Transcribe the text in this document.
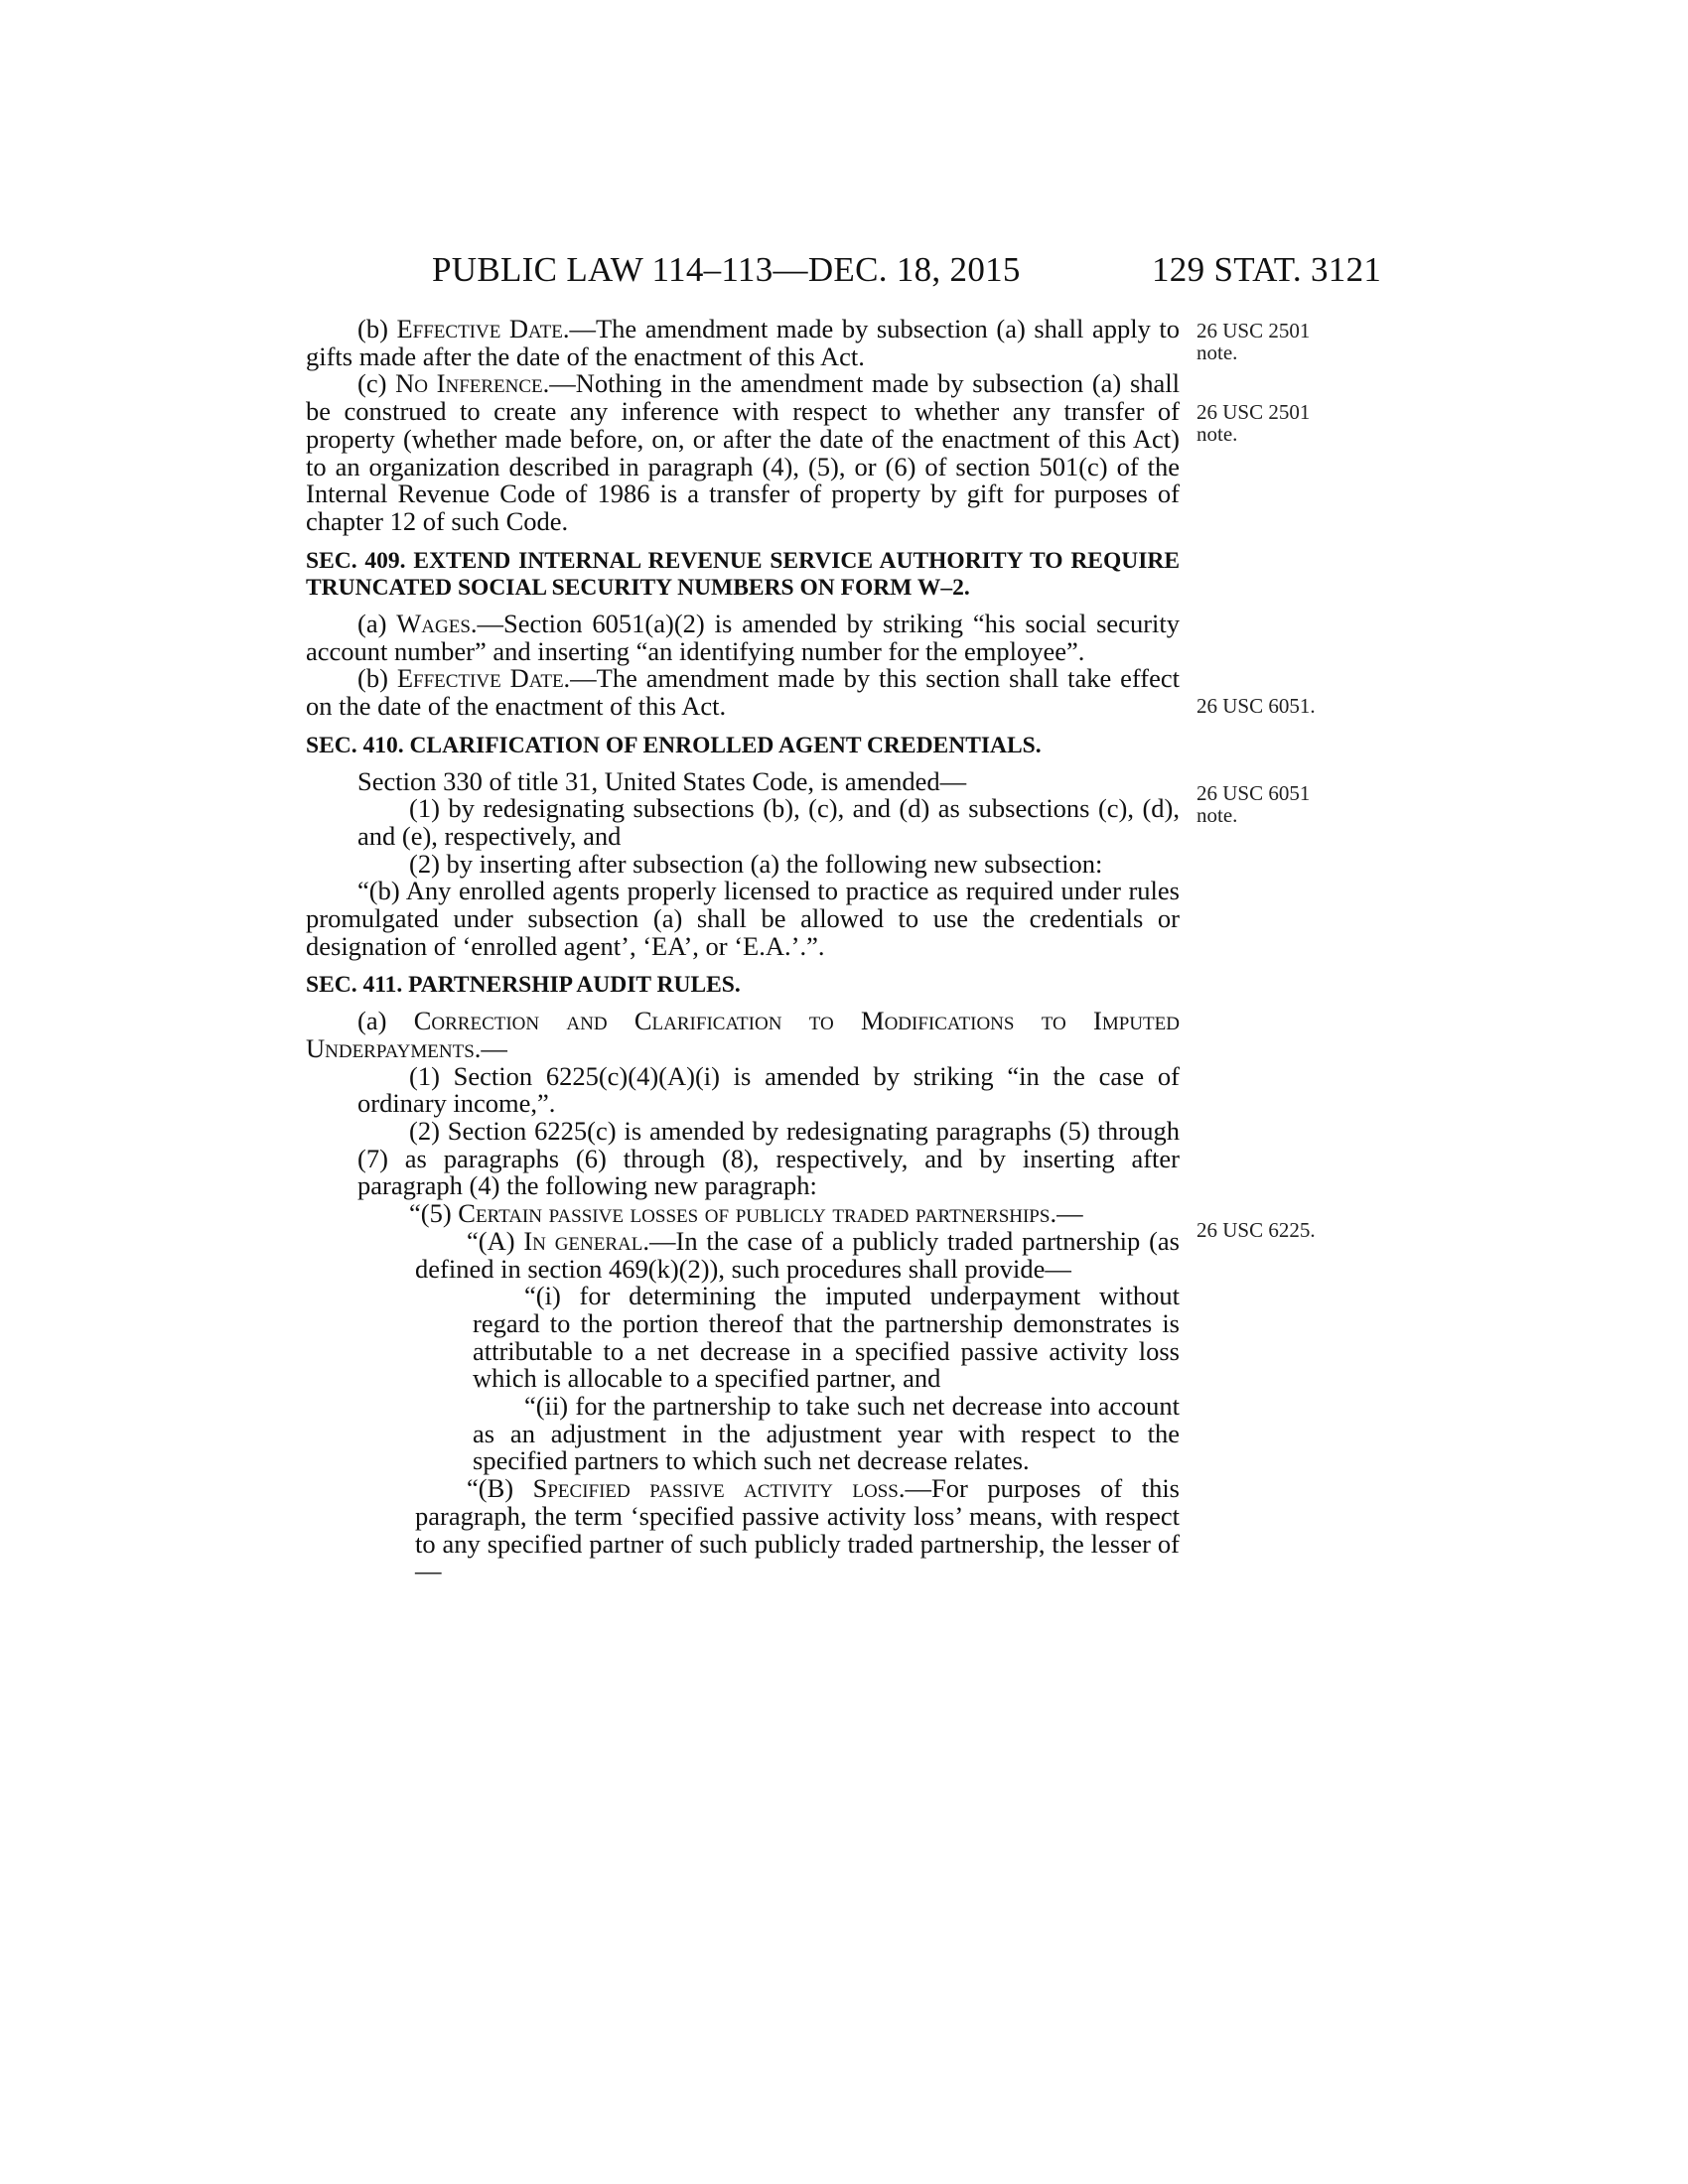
PUBLIC LAW 114–113—DEC. 18, 2015	129 STAT. 3121
26 USC 2501
note.
26 USC 2501
note.
26 USC 6051.
26 USC 6051
note.
26 USC 6225.

(b) Effective Date.—The amendment made by subsection (a) shall apply to gifts made after the date of the enactment of this Act.

(c) No Inference.—Nothing in the amendment made by subsection (a) shall be construed to create any inference with respect to whether any transfer of property (whether made before, on, or after the date of the enactment of this Act) to an organization described in paragraph (4), (5), or (6) of section 501(c) of the Internal Revenue Code of 1986 is a transfer of property by gift for purposes of chapter 12 of such Code.

SEC. 409. EXTEND INTERNAL REVENUE SERVICE AUTHORITY TO REQUIRE TRUNCATED SOCIAL SECURITY NUMBERS ON FORM W–2.

(a) Wages.—Section 6051(a)(2) is amended by striking “his social security account number” and inserting “an identifying number for the employee”.

(b) Effective Date.—The amendment made by this section shall take effect on the date of the enactment of this Act.

SEC. 410. CLARIFICATION OF ENROLLED AGENT CREDENTIALS.

Section 330 of title 31, United States Code, is amended—

(1) by redesignating subsections (b), (c), and (d) as subsections (c), (d), and (e), respectively, and

(2) by inserting after subsection (a) the following new subsection:

“(b) Any enrolled agents properly licensed to practice as required under rules promulgated under subsection (a) shall be allowed to use the credentials or designation of ‘enrolled agent’, ‘EA’, or ‘E.A.’.”.

SEC. 411. PARTNERSHIP AUDIT RULES.

(a) Correction and Clarification to Modifications to Imputed Underpayments.—

(1) Section 6225(c)(4)(A)(i) is amended by striking “in the case of ordinary income,”.

(2) Section 6225(c) is amended by redesignating paragraphs (5) through (7) as paragraphs (6) through (8), respectively, and by inserting after paragraph (4) the following new paragraph:

“(5) Certain passive losses of publicly traded partnerships.—

“(A) In general.—In the case of a publicly traded partnership (as defined in section 469(k)(2)), such procedures shall provide—

“(i) for determining the imputed underpayment without regard to the portion thereof that the partnership demonstrates is attributable to a net decrease in a specified passive activity loss which is allocable to a specified partner, and

“(ii) for the partnership to take such net decrease into account as an adjustment in the adjustment year with respect to the specified partners to which such net decrease relates.

“(B) Specified passive activity loss.—For purposes of this paragraph, the term ‘specified passive activity loss’ means, with respect to any specified partner of such publicly traded partnership, the lesser of—
